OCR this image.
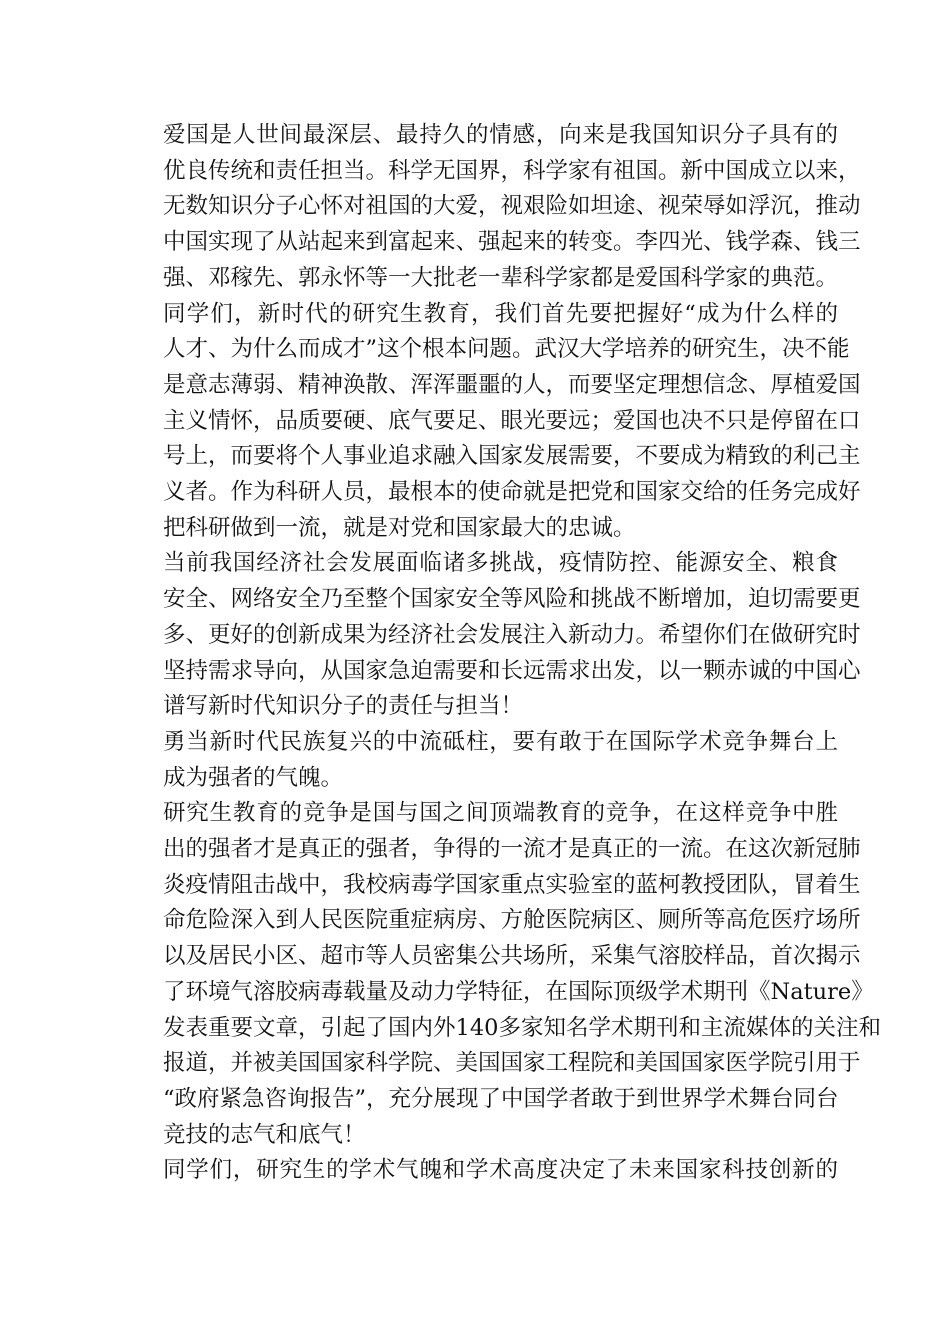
爱国是人世间最深层、最持久的情感，向来是我国知识分子具有的
优良传统和责任担当。科学无国界，科学家有祖国。新中国成立以来，
无数知识分子心怀对祖国的大爱，视艰险如坦途、视荣辱如浮沉，推动
中国实现了从站起来到富起来、强起来的转变。李四光、钱学森、钱三
强、邓稼先、郭永怀等一大批老一辈科学家都是爱国科学家的典范。
同学们，新时代的研究生教育，我们首先要把握好“成为什么样的
人才、为什么而成才”这个根本问题。武汉大学培养的研究生，决不能
是意志薄弱、精神涣散、浑浑噩噩的人，而要坚定理想信念、厚植爱国
主义情怀，品质要硬、底气要足、眼光要远；爱国也决不只是停留在口
号上，而要将个人事业追求融入国家发展需要，不要成为精致的利己主
义者。作为科研人员，最根本的使命就是把党和国家交给的任务完成好
把科研做到一流，就是对党和国家最大的忠诚。
当前我国经济社会发展面临诸多挑战，疫情防控、能源安全、粮食
安全、网络安全乃至整个国家安全等风险和挑战不断增加，迫切需要更
多、更好的创新成果为经济社会发展注入新动力。希望你们在做研究时
坚持需求导向，从国家急迫需要和长远需求出发，以一颗赤诚的中国心
谱写新时代知识分子的责任与担当！
勇当新时代民族复兴的中流砥柱，要有敢于在国际学术竞争舞台上
成为强者的气魄。
研究生教育的竞争是国与国之间顶端教育的竞争，在这样竞争中胜
出的强者才是真正的强者，争得的一流才是真正的一流。在这次新冠肺
炎疫情阻击战中，我校病毒学国家重点实验室的蓝柯教授团队，冒着生
命危险深入到人民医院重症病房、方舱医院病区、厕所等高危医疗场所
以及居民小区、超市等人员密集公共场所，采集气溶胶样品，首次揭示
了环境气溶胶病毒载量及动力学特征，在国际顶级学术期刊《Nature》
发表重要文章，引起了国内外140多家知名学术期刊和主流媒体的关注和
报道，并被美国国家科学院、美国国家工程院和美国国家医学院引用于
“政府紧急咨询报告”，充分展现了中国学者敢于到世界学术舞台同台
竞技的志气和底气！
同学们，研究生的学术气魄和学术高度决定了未来国家科技创新的
